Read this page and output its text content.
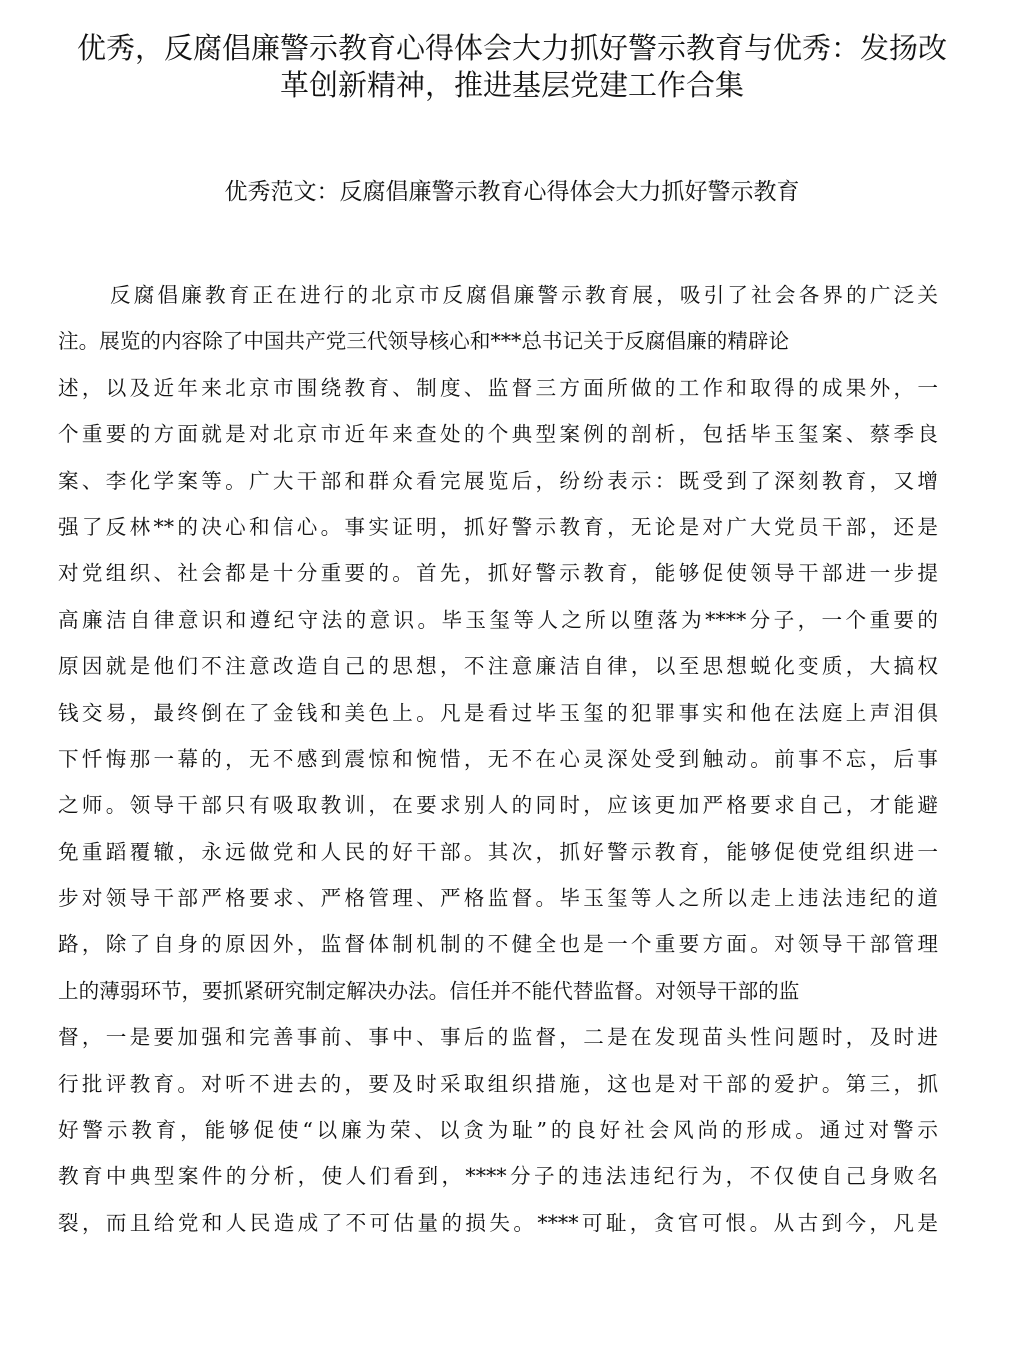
优秀，反腐倡廉警示教育心得体会大力抓好警示教育与优秀：发扬改
革创新精神，推进基层党建工作合集
优秀范文：反腐倡廉警示教育心得体会大力抓好警示教育
反腐倡廉教育正在进行的北京市反腐倡廉警示教育展，吸引了社会各界的广泛关
注。展览的内容除了中国共产党三代领导核心和***总书记关于反腐倡廉的精辟论
述，以及近年来北京市围绕教育、制度、监督三方面所做的工作和取得的成果外，一
个重要的方面就是对北京市近年来查处的个典型案例的剖析，包括毕玉玺案、蔡季良
案、李化学案等。广大干部和群众看完展览后，纷纷表示：既受到了深刻教育，又增
强了反林**的决心和信心。事实证明，抓好警示教育，无论是对广大党员干部，还是
对党组织、社会都是十分重要的。首先，抓好警示教育，能够促使领导干部进一步提
高廉洁自律意识和遵纪守法的意识。毕玉玺等人之所以堕落为****分子，一个重要的
原因就是他们不注意改造自己的思想，不注意廉洁自律，以至思想蜕化变质，大搞权
钱交易，最终倒在了金钱和美色上。凡是看过毕玉玺的犯罪事实和他在法庭上声泪俱
下忏悔那一幕的，无不感到震惊和惋惜，无不在心灵深处受到触动。前事不忘，后事
之师。领导干部只有吸取教训，在要求别人的同时，应该更加严格要求自己，才能避
免重蹈覆辙，永远做党和人民的好干部。其次，抓好警示教育，能够促使党组织进一
步对领导干部严格要求、严格管理、严格监督。毕玉玺等人之所以走上违法违纪的道
路，除了自身的原因外，监督体制机制的不健全也是一个重要方面。对领导干部管理
上的薄弱环节，要抓紧研究制定解决办法。信任并不能代替监督。对领导干部的监
督，一是要加强和完善事前、事中、事后的监督，二是在发现苗头性问题时，及时进
行批评教育。对听不进去的，要及时采取组织措施，这也是对干部的爱护。第三，抓
好警示教育，能够促使“以廉为荣、以贪为耻”的良好社会风尚的形成。通过对警示
教育中典型案件的分析，使人们看到，****分子的违法违纪行为，不仅使自己身败名
裂，而且给党和人民造成了不可估量的损失。****可耻，贪官可恨。从古到今，凡是
